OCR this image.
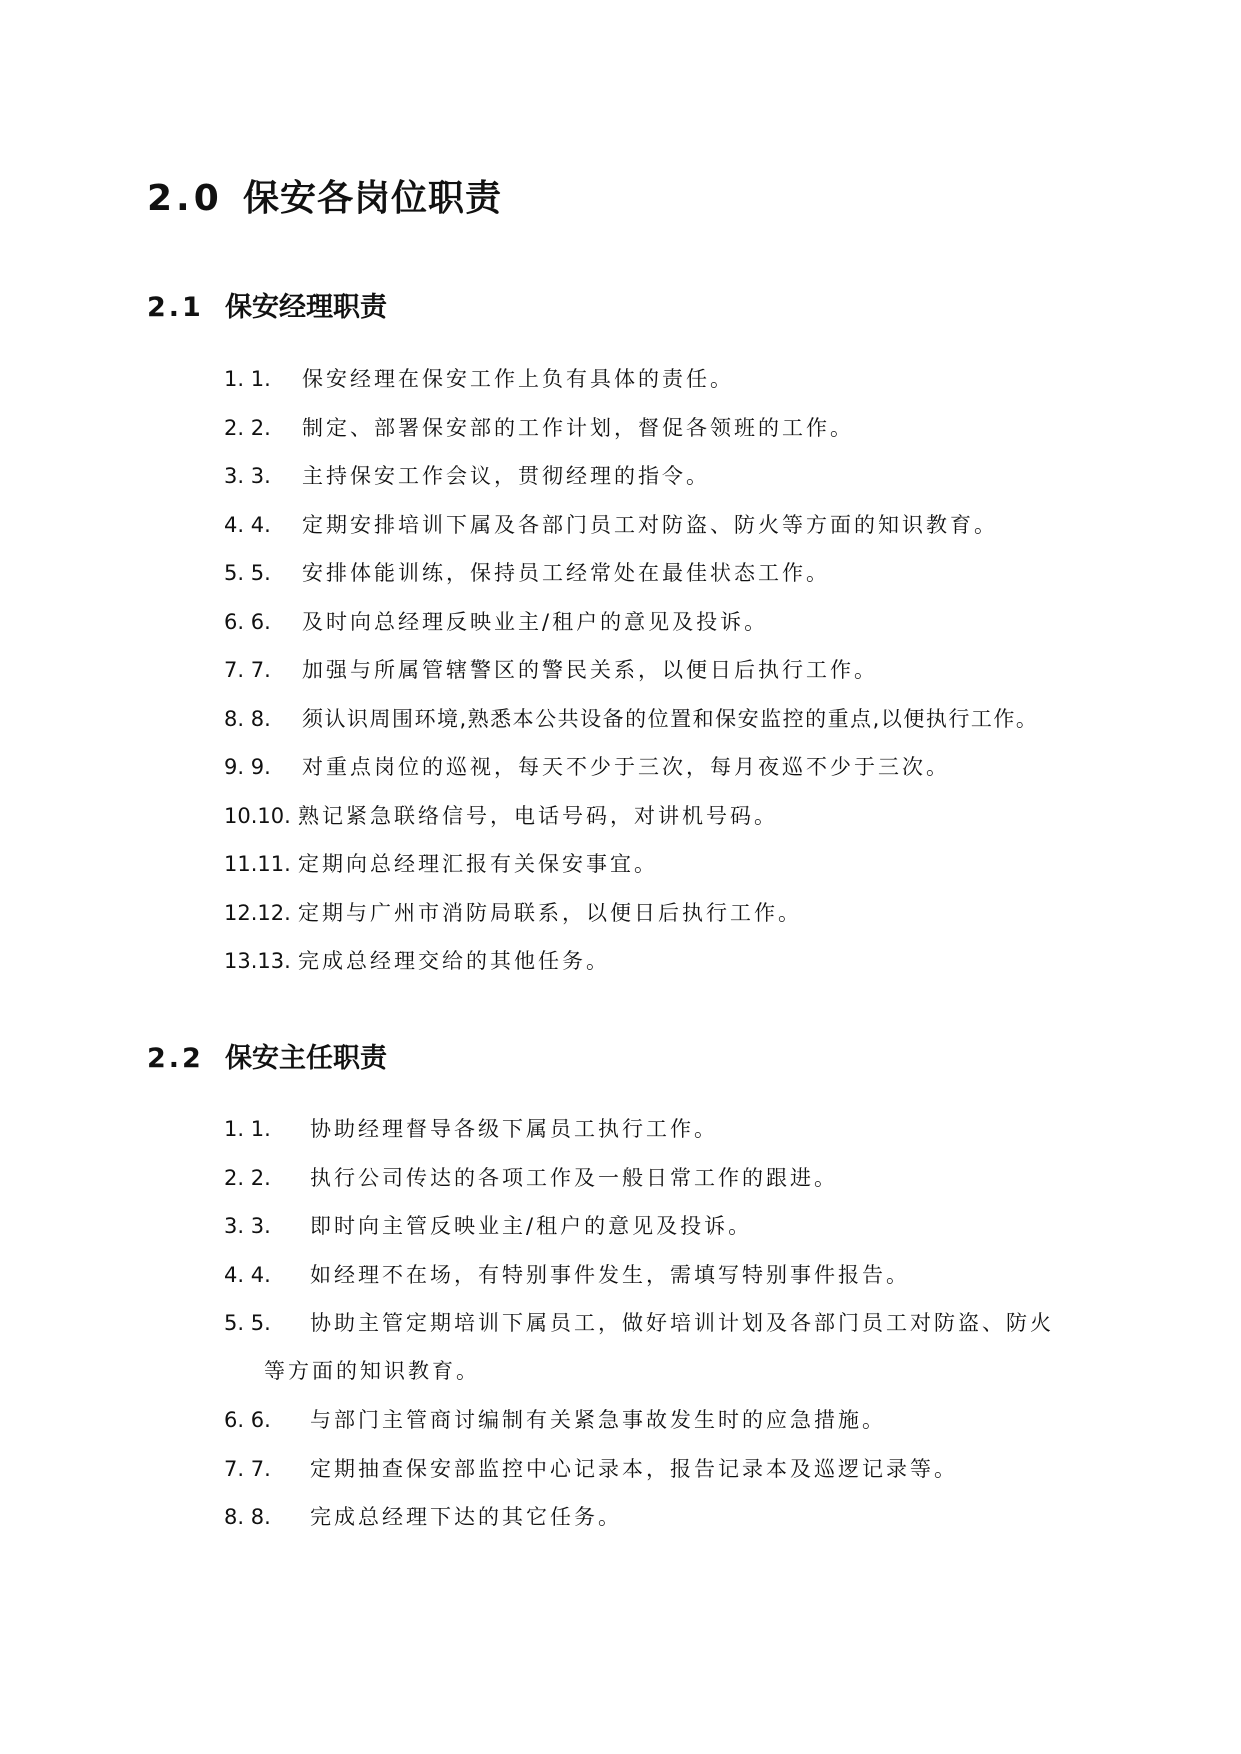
2.0 保安各岗位职责
2.1 保安经理职责
1. 1. 保安经理在保安工作上负有具体的责任。
2. 2. 制定、部署保安部的工作计划，督促各领班的工作。
3. 3. 主持保安工作会议，贯彻经理的指令。
4. 4. 定期安排培训下属及各部门员工对防盗、防火等方面的知识教育。
5. 5. 安排体能训练，保持员工经常处在最佳状态工作。
6. 6. 及时向总经理反映业主/租户的意见及投诉。
7. 7. 加强与所属管辖警区的警民关系，以便日后执行工作。
8. 8. 须认识周围环境,熟悉本公共设备的位置和保安监控的重点,以便执行工作。
9. 9. 对重点岗位的巡视，每天不少于三次，每月夜巡不少于三次。
10.10. 熟记紧急联络信号，电话号码，对讲机号码。
11.11. 定期向总经理汇报有关保安事宜。
12.12. 定期与广州市消防局联系，以便日后执行工作。
13.13. 完成总经理交给的其他任务。
2.2 保安主任职责
1. 1. 协助经理督导各级下属员工执行工作。
2. 2. 执行公司传达的各项工作及一般日常工作的跟进。
3. 3. 即时向主管反映业主/租户的意见及投诉。
4. 4. 如经理不在场，有特别事件发生，需填写特别事件报告。
5. 5. 协助主管定期培训下属员工，做好培训计划及各部门员工对防盗、防火
等方面的知识教育。
6. 6. 与部门主管商讨编制有关紧急事故发生时的应急措施。
7. 7. 定期抽查保安部监控中心记录本，报告记录本及巡逻记录等。
8. 8. 完成总经理下达的其它任务。
